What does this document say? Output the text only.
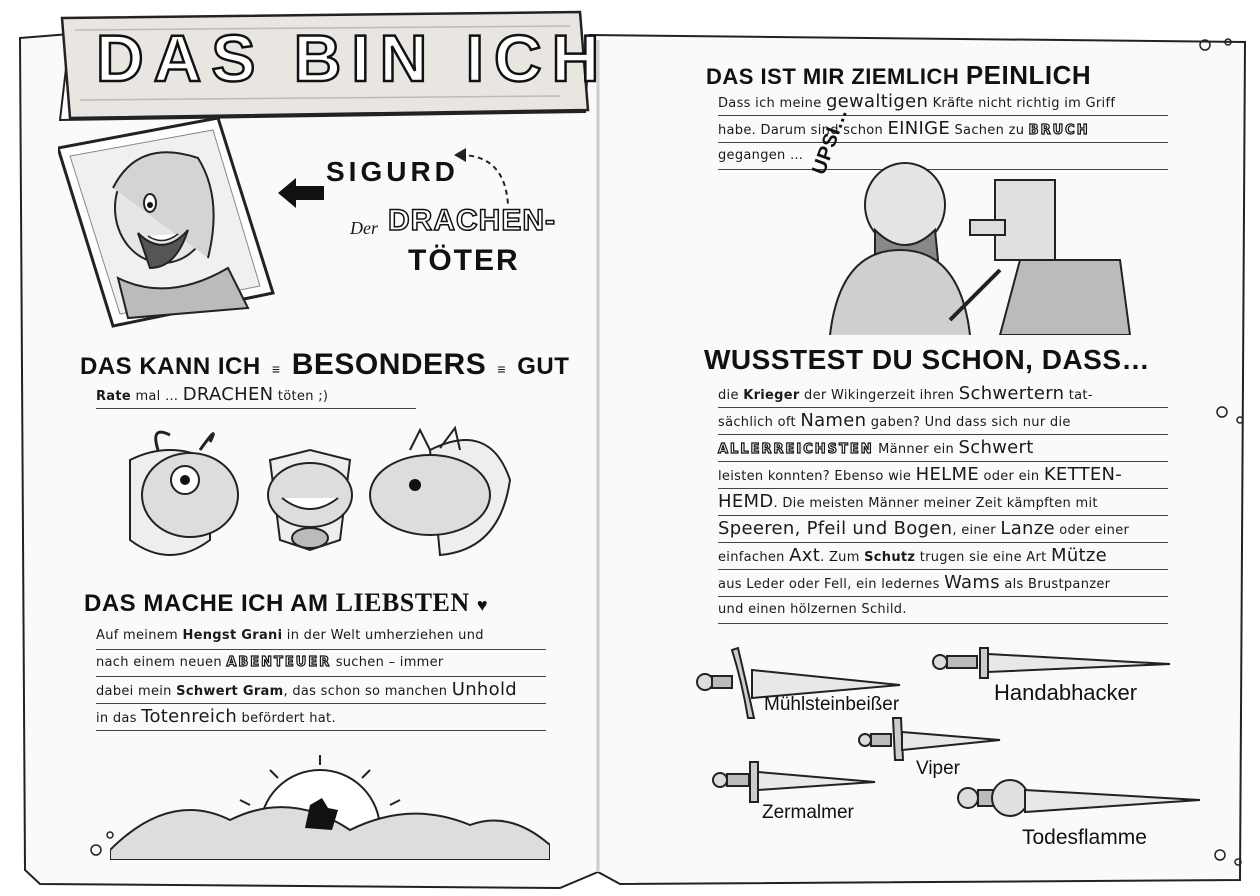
DAS BIN ICH
SIGURD
Der DRACHEN-
TÖTER
DAS KANN ICH ≡ BESONDERS ≡ GUT
Rate mal … DRACHEN töten ;)
DAS MACHE ICH AM LIEBSTEN ♥
Auf meinem Hengst Grani in der Welt umherziehen und
nach einem neuen ABENTEUER suchen – immer
dabei mein Schwert Gram, das schon so manchen Unhold
in das Totenreich befördert hat.
DAS IST MIR ZIEMLICH PEINLICH
Dass ich meine gewaltigen Kräfte nicht richtig im Griff
habe. Darum sind schon EINIGE Sachen zu BRUCH
gegangen … UPSI…
WUSSTEST DU SCHON, DASS…
die Krieger der Wikingerzeit ihren Schwertern tat-
sächlich oft Namen gaben? Und dass sich nur die
ALLERREICHSTEN Männer ein Schwert
leisten konnten? Ebenso wie HELME oder ein KETTEN-
HEMD. Die meisten Männer meiner Zeit kämpften mit
Speeren, Pfeil und Bogen, einer Lanze oder einer
einfachen Axt. Zum Schutz trugen sie eine Art Mütze
aus Leder oder Fell, ein ledernes Wams als Brustpanzer
und einen hölzernen Schild.
Mühlsteinbeißer	Handabhacker
Viper
Zermalmer
Todesflamme
